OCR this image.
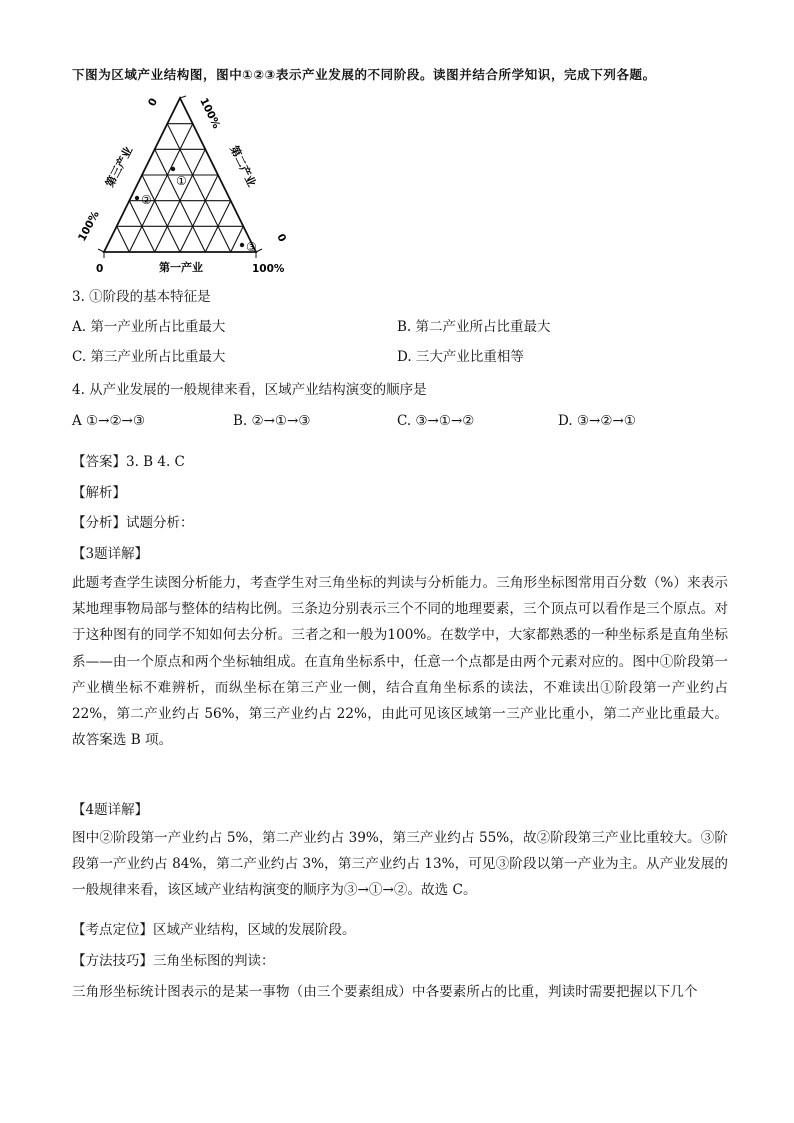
下图为区域产业结构图，图中①②③表示产业发展的不同阶段。读图并结合所学知识，完成下列各题。
①
②
③
0	100%
100%	0
0	100%
第三产业	第二产业
第一产业
3. ①阶段的基本特征是
A. 第一产业所占比重最大	B. 第二产业所占比重最大
C. 第三产业所占比重最大	D. 三大产业比重相等
4. 从产业发展的一般规律来看，区域产业结构演变的顺序是
A ①→②→③	B. ②→①→③	C. ③→①→②	D. ③→②→①
【答案】3. B 4. C
【解析】
【分析】试题分析：
【3题详解】
此题考查学生读图分析能力，考查学生对三角坐标的判读与分析能力。三角形坐标图常用百分数（%）来表示某地理事物局部与整体的结构比例。三条边分别表示三个不同的地理要素，三个顶点可以看作是三个原点。对于这种图有的同学不知如何去分析。三者之和一般为100%。在数学中，大家都熟悉的一种坐标系是直角坐标系——由一个原点和两个坐标轴组成。在直角坐标系中，任意一个点都是由两个元素对应的。图中①阶段第一产业横坐标不难辨析，而纵坐标在第三产业一侧，结合直角坐标系的读法，不难读出①阶段第一产业约占 22%，第二产业约占 56%，第三产业约占 22%，由此可见该区域第一三产业比重小，第二产业比重最大。故答案选 B 项。
【4题详解】
图中②阶段第一产业约占 5%，第二产业约占 39%，第三产业约占 55%，故②阶段第三产业比重较大。③阶段第一产业约占 84%，第二产业约占 3%，第三产业约占 13%，可见③阶段以第一产业为主。从产业发展的一般规律来看，该区域产业结构演变的顺序为③→①→②。故选 C。
【考点定位】区域产业结构，区域的发展阶段。
【方法技巧】三角坐标图的判读：
三角形坐标统计图表示的是某一事物（由三个要素组成）中各要素所占的比重，判读时需要把握以下几个
